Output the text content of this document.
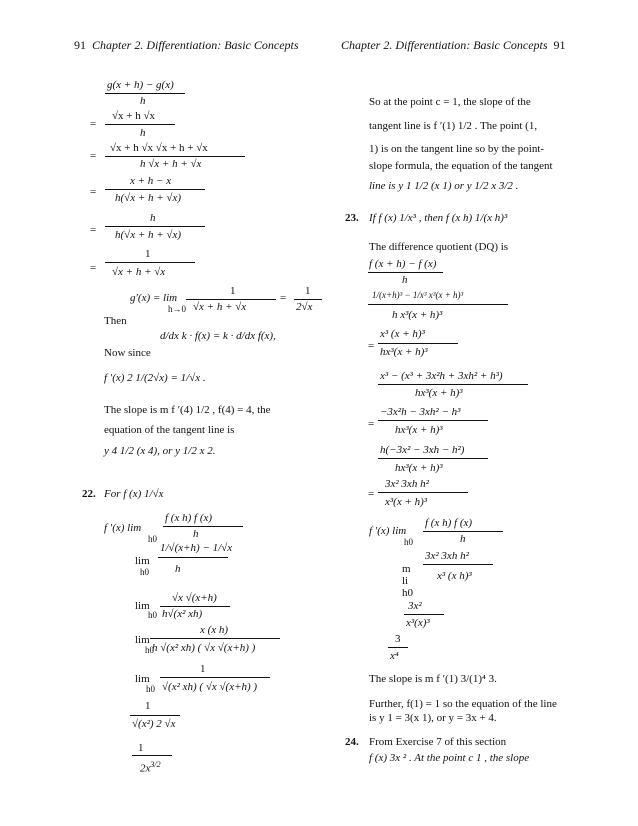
91 Chapter 2. Differentiation: Basic Concepts	Chapter 2. Differentiation: Basic Concepts 91
g(x + h) − g(x)
h
=
√x + h √x
h
=
√x + h √x √x + h + √x
h √x + h + √x
=
x + h − x
h(√x + h + √x)
=
h
h(√x + h + √x)
=
1
√x + h + √x
g′(x) = lim
h→0
1
√x + h + √x
=
1
2√x
Then
d/dx k · f(x) = k · d/dx f(x),
Now since
f ′(x) 2 1/(2√x) = 1/√x .
The slope is m f ′(4) 1/2 , f(4) = 4, the
equation of the tangent line is
y 4 1/2 (x 4), or y 1/2 x 2.
22. For f (x) 1/√x
f ′(x) lim
h0
f (x h) f (x)
h
lim
h0
1/√(x+h) − 1/√x
h
lim
h0
√x √(x+h)
h√(x² xh)
lim
h0
x (x h)
h √(x² xh) ( √x √(x+h) )
lim
h0
1
√(x² xh) ( √x √(x+h) )
1
√(x²) 2 √x
1
$2x^{3/2}$
So at the point c = 1, the slope of the
tangent line is f ′(1) 1/2 . The point (1,
1) is on the tangent line so by the point-
slope formula, the equation of the tangent
line is y 1 1/2 (x 1) or y 1/2 x 3/2 .
23. If f (x) 1/x³ , then f (x h) 1/(x h)³
The difference quotient (DQ) is
f (x + h) − f (x)
h
1/(x+h)³ − 1/x³ x³(x + h)³
h x³(x + h)³
=
x³ (x + h)³
hx³(x + h)³
x³ − (x³ + 3x²h + 3xh² + h³)
hx³(x + h)³
=
−3x²h − 3xh² − h³
hx³(x + h)³
h(−3x² − 3xh − h²)
hx³(x + h)³
=
3x² 3xh h²
x³(x + h)³
f ′(x) lim
h0
f (x h) f (x)
h
m li h0
3x² 3xh h²
x³ (x h)³
3x²
x³(x)³
3
x⁴
The slope is m f ′(1) 3/(1)⁴ 3.
Further, f(1) = 1 so the equation of the line
is y 1 = 3(x 1), or y = 3x + 4.
24. From Exercise 7 of this section
f (x) 3x ² . At the point c 1 , the slope
